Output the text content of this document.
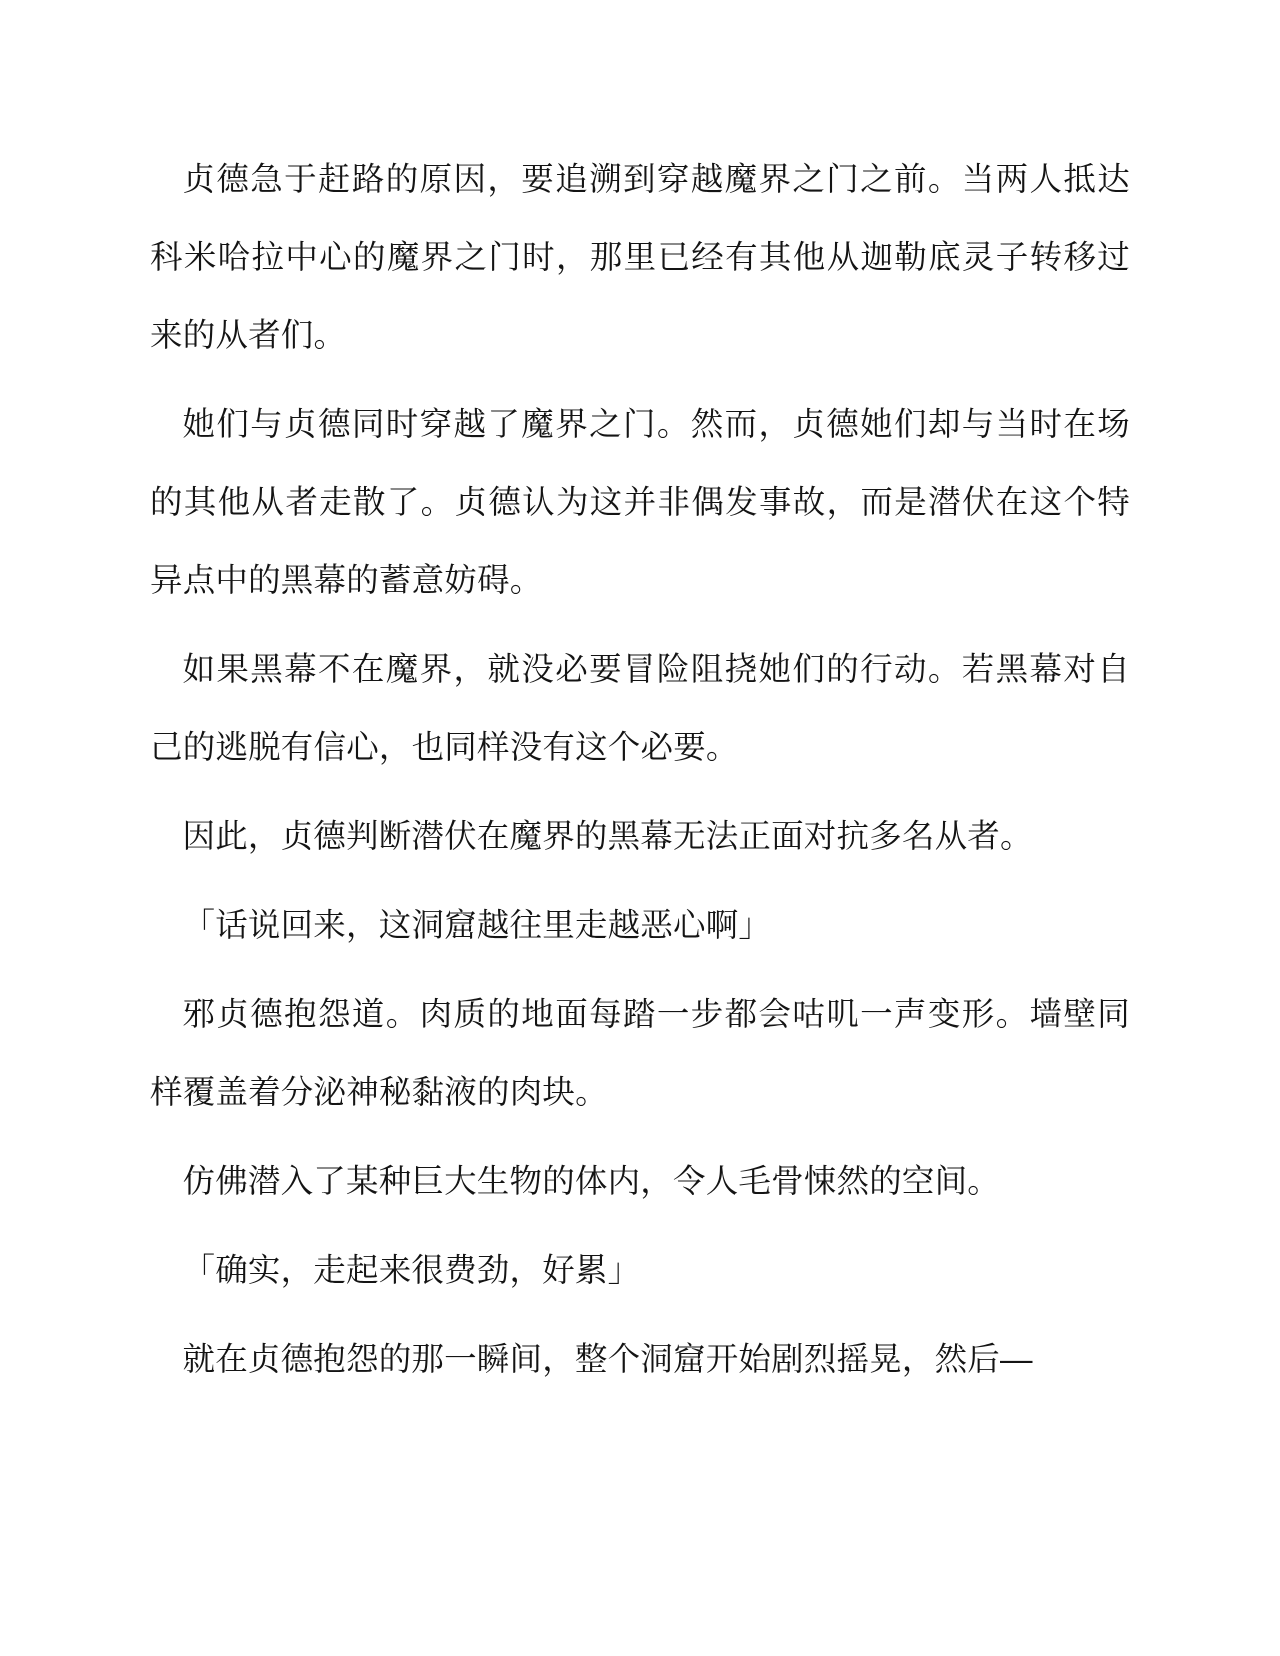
贞德急于赶路的原因，要追溯到穿越魔界之门之前。当两人抵达科米哈拉中心的魔界之门时，那里已经有其他从迦勒底灵子转移过来的从者们。

她们与贞德同时穿越了魔界之门。然而，贞德她们却与当时在场的其他从者走散了。贞德认为这并非偶发事故，而是潜伏在这个特异点中的黑幕的蓄意妨碍。

如果黑幕不在魔界，就没必要冒险阻挠她们的行动。若黑幕对自己的逃脱有信心，也同样没有这个必要。

因此，贞德判断潜伏在魔界的黑幕无法正面对抗多名从者。

「话说回来，这洞窟越往里走越恶心啊」

邪贞德抱怨道。肉质的地面每踏一步都会咕叽一声变形。墙壁同样覆盖着分泌神秘黏液的肉块。

仿佛潜入了某种巨大生物的体内，令人毛骨悚然的空间。

「确实，走起来很费劲，好累」

就在贞德抱怨的那一瞬间，整个洞窟开始剧烈摇晃，然后—
